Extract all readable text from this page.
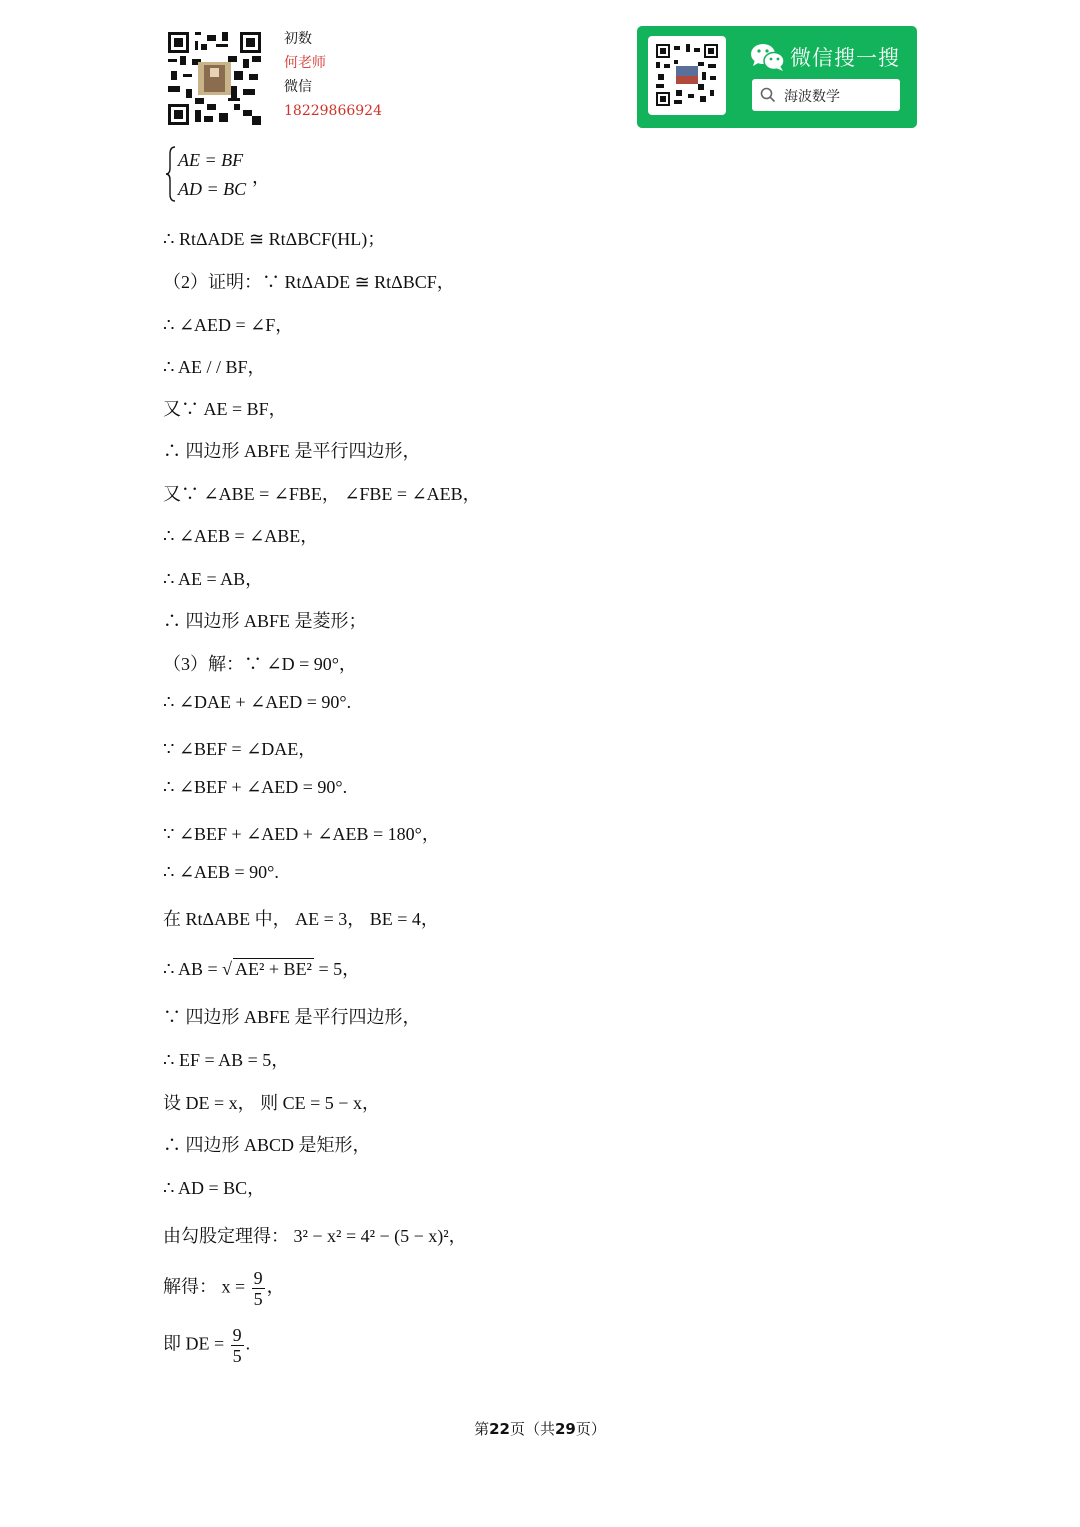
初数
何老师
微信
18229866924
微信搜一搜
海波数学
AE = BF
AD = BC
，
∴ RtΔADE ≅ RtΔBCF(HL)；
（2）证明：∵ RtΔADE ≅ RtΔBCF，
∴ ∠AED = ∠F，
∴ AE / / BF，
又∵ AE = BF，
∴ 四边形 ABFE 是平行四边形，
又∵ ∠ABE = ∠FBE， ∠FBE = ∠AEB，
∴ ∠AEB = ∠ABE，
∴ AE = AB，
∴ 四边形 ABFE 是菱形；
（3）解：∵ ∠D = 90°，
∴ ∠DAE + ∠AED = 90°.
∵ ∠BEF = ∠DAE，
∴ ∠BEF + ∠AED = 90°.
∵ ∠BEF + ∠AED + ∠AEB = 180°，
∴ ∠AEB = 90°.
在 RtΔABE 中， AE = 3， BE = 4，
∴ AB = √ AE² + BE² = 5，
∵ 四边形 ABFE 是平行四边形，
∴ EF = AB = 5，
设 DE = x， 则 CE = 5 − x，
∴ 四边形 ABCD 是矩形，
∴ AD = BC，
由勾股定理得： 3² − x² = 4² − (5 − x)²，
解得： $x = \frac{9}{5}$ ，
即 DE = $\frac{9}{5}$ .
第22页（共29页）
